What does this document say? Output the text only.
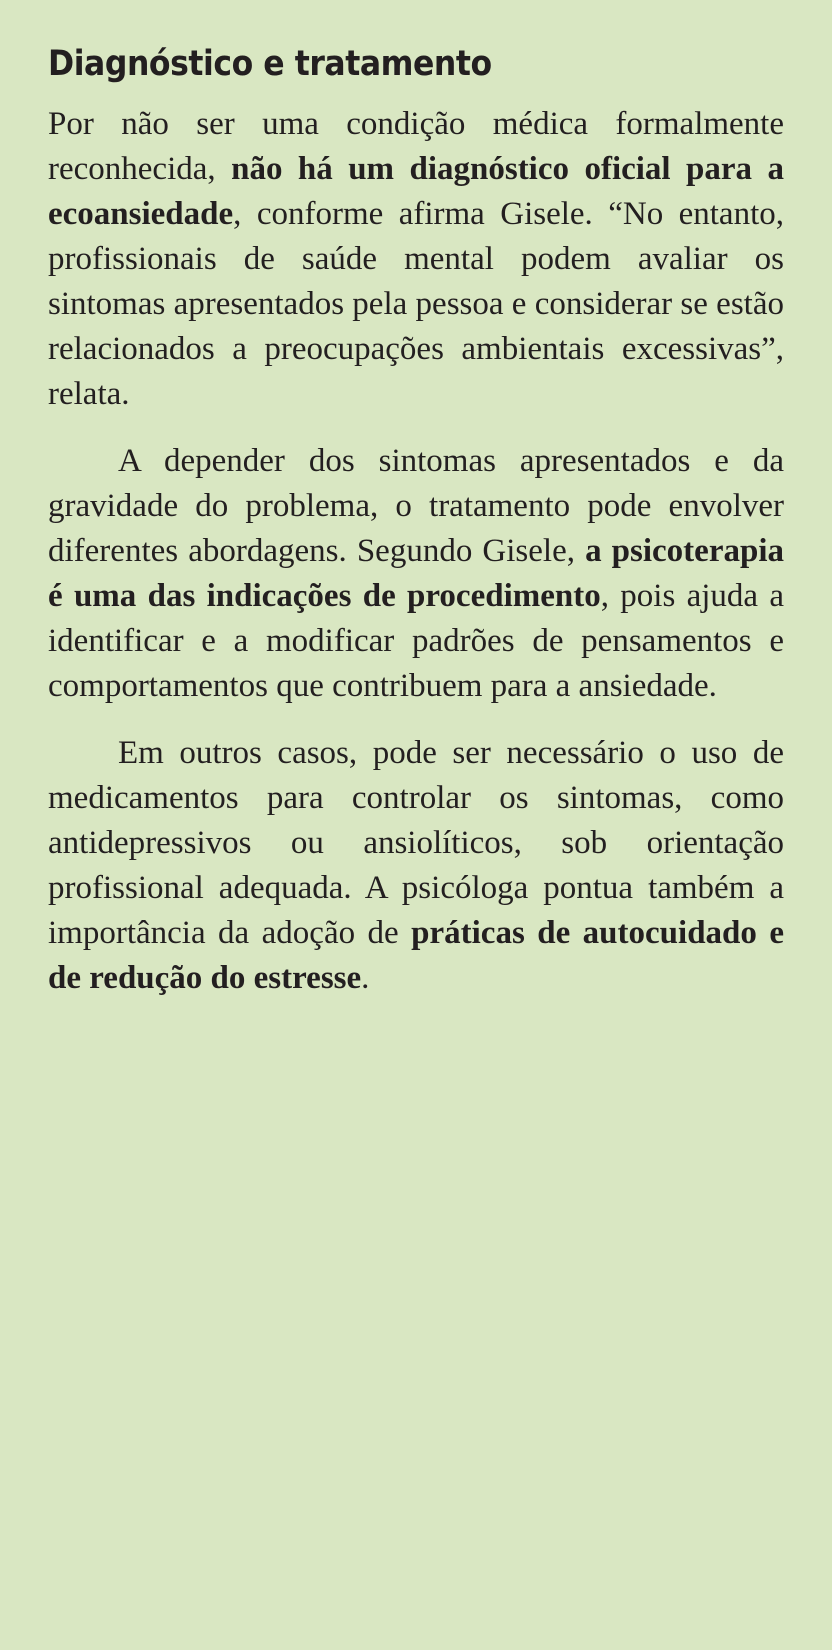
Diagnóstico e tratamento

Por não ser uma condição médica formalmente reconhecida, não há um diagnóstico oficial para a ecoansiedade, conforme afirma Gisele. “No entanto, profissionais de saúde mental podem avaliar os sintomas apresentados pela pessoa e considerar se estão relacionados a preocupações ambientais excessivas”, relata.

A depender dos sintomas apresentados e da gravidade do problema, o tratamento pode envolver diferentes abordagens. Segundo Gisele, a psicoterapia é uma das indicações de procedimento, pois ajuda a identificar e a modificar padrões de pensamentos e comportamentos que contribuem para a ansiedade.

Em outros casos, pode ser necessário o uso de medicamentos para controlar os sintomas, como antidepressivos ou ansiolíticos, sob orientação profissional adequada. A psicóloga pontua também a importância da adoção de práticas de autocuidado e de redução do estresse.
